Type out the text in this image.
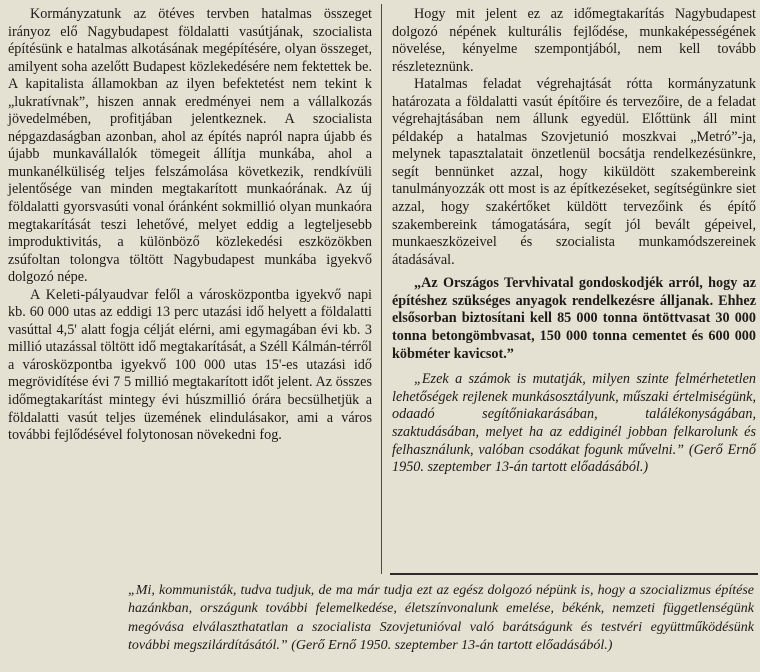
Kormányzatunk az ötéves tervben hatalmas összeget irányoz elő Nagybudapest földalatti vasútjának, szocialista építésünk e hatalmas alkotásának megépítésére, olyan összeget, amilyent soha azelőtt Budapest közlekedésére nem fektettek be. A kapitalista államokban az ilyen befektetést nem tekint k „lukratívnak”, hiszen annak eredményei nem a vállalkozás jövedelmében, profitjában jelentkeznek. A szocialista népgazdaságban azonban, ahol az építés napról napra újabb és újabb munkavállalók tömegeit állítja munkába, ahol a munkanélküliség teljes felszámolása következik, rendkívüli jelentősége van minden megtakarított munkaórának. Az új földalatti gyorsvasúti vonal óránként sokmillió olyan munkaóra megtakarítását teszi lehetővé, melyet eddig a legteljesebb improduktivitás, a különböző közlekedési eszközökben zsúfoltan tolongva töltött Nagybudapest munkába igyekvő dolgozó népe.

A Keleti-pályaudvar felől a városközpontba igyekvő napi kb. 60 000 utas az eddigi 13 perc utazási idő helyett a földalatti vasúttal 4,5' alatt fogja célját elérni, ami egymagában évi kb. 3 millió utazással töltött idő megtakarítását, a Széll Kálmán-térről a városközpontba igyekvő 100 000 utas 15'-es utazási idő megrövidítése évi 7 5 millió megtakarított időt jelent. Az összes időmegtakarítást mintegy évi húszmillió órára becsülhetjük a földalatti vasút teljes üzemének elindulásakor, ami a város további fejlődésével folytonosan növekedni fog.

Hogy mit jelent ez az időmegtakarítás Nagybudapest dolgozó népének kulturális fejlődése, munkaképességének növelése, kényelme szempontjából, nem kell tovább részleteznünk.

Hatalmas feladat végrehajtását rótta kormányzatunk határozata a földalatti vasút építőire és tervezőire, de a feladat végrehajtásában nem állunk egyedül. Előttünk áll mint példakép a hatalmas Szovjetunió moszkvai „Metró”-ja, melynek tapasztalatait önzetlenül bocsátja rendelkezésünkre, segít bennünket azzal, hogy kiküldött szakembereink tanulmányozzák ott most is az építkezéseket, segítségünkre siet azzal, hogy szakértőket küldött tervezőink és építő szakembereink támogatására, segít jól bevált gépeivel, munkaeszközeivel és szocialista munkamódszereinek átadásával.

„Az Országos Tervhivatal gondoskodjék arról, hogy az építéshez szükséges anyagok rendelkezésre álljanak. Ehhez elsősorban biztosítani kell 85 000 tonna öntöttvasat 30 000 tonna betongömbvasat, 150 000 tonna cementet és 600 000 köbméter kavicsot.”

„Ezek a számok is mutatják, milyen szinte felmérhetetlen lehetőségek rejlenek munkásosztályunk, műszaki értelmiségünk, odaadó segítőniakarásában, találékonyságában, szaktudásában, melyet ha az eddiginél jobban felkarolunk és felhasználunk, valóban csodákat fogunk művelni.” (Gerő Ernő 1950. szeptember 13-án tartott előadásából.)

„Mi, kommunisták, tudva tudjuk, de ma már tudja ezt az egész dolgozó népünk is, hogy a szocializmus építése hazánkban, országunk további felemelkedése, életszínvonalunk emelése, békénk, nemzeti függetlenségünk megóvása elválaszthatatlan a szocialista Szovjetunióval való barátságunk és testvéri együttműködésünk további megszilárdításától.” (Gerő Ernő 1950. szeptember 13-án tartott előadásából.)
